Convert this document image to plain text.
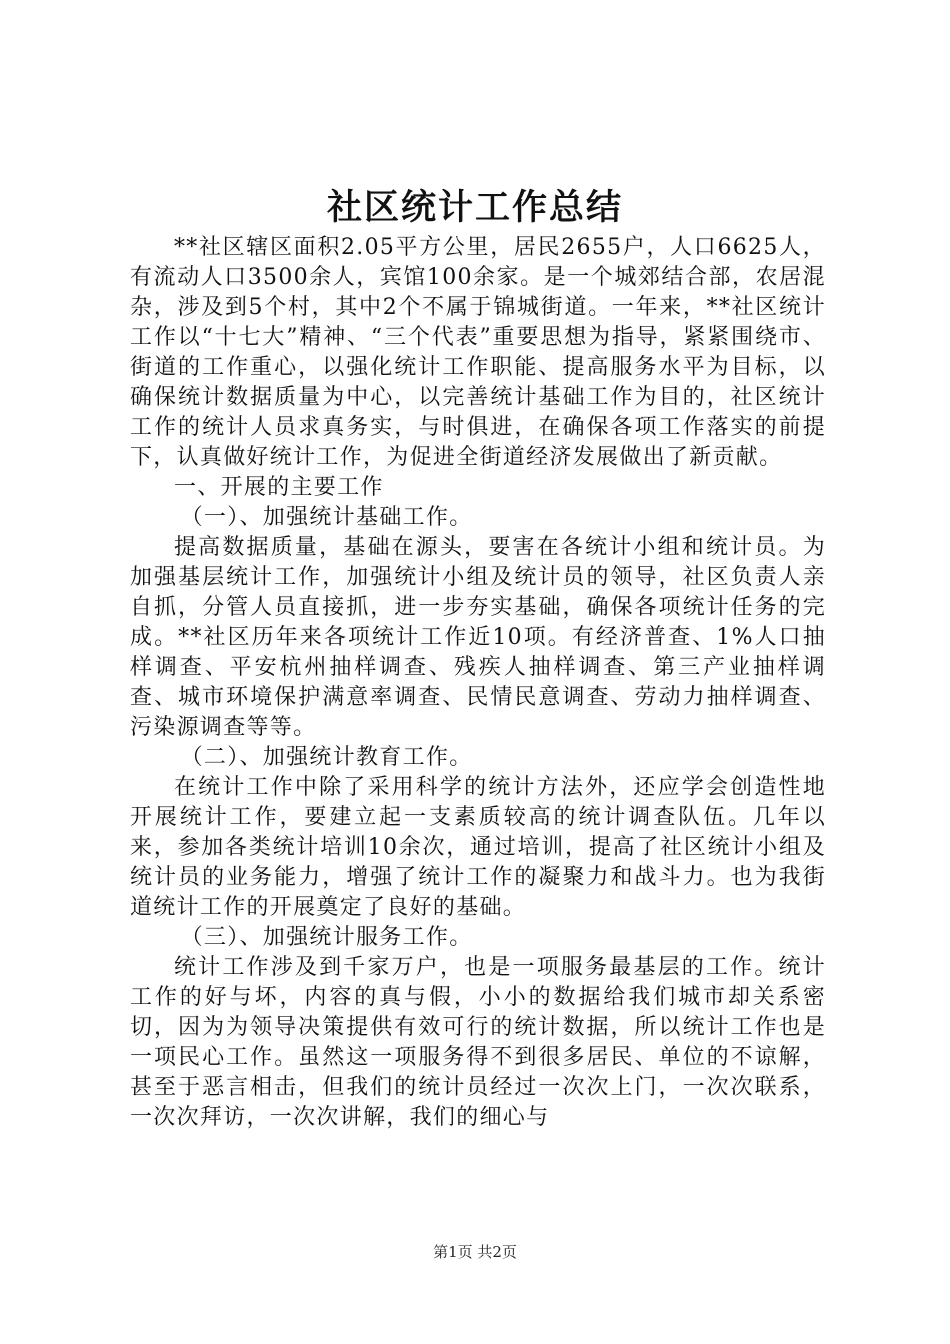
社区统计工作总结

**社区辖区面积2.05平方公里，居民2655户，人口6625人，有流动人口3500余人，宾馆100余家。是一个城郊结合部，农居混杂，涉及到5个村，其中2个不属于锦城街道。一年来，**社区统计工作以“十七大”精神、“三个代表”重要思想为指导，紧紧围绕市、街道的工作重心，以强化统计工作职能、提高服务水平为目标，以确保统计数据质量为中心，以完善统计基础工作为目的，社区统计工作的统计人员求真务实，与时俱进，在确保各项工作落实的前提下，认真做好统计工作，为促进全街道经济发展做出了新贡献。

一、开展的主要工作

（一）、加强统计基础工作。

提高数据质量，基础在源头，要害在各统计小组和统计员。为加强基层统计工作，加强统计小组及统计员的领导，社区负责人亲自抓，分管人员直接抓，进一步夯实基础，确保各项统计任务的完成。**社区历年来各项统计工作近10项。有经济普查、1%人口抽样调查、平安杭州抽样调查、残疾人抽样调查、第三产业抽样调查、城市环境保护满意率调查、民情民意调查、劳动力抽样调查、污染源调查等等。

（二）、加强统计教育工作。

在统计工作中除了采用科学的统计方法外，还应学会创造性地开展统计工作，要建立起一支素质较高的统计调查队伍。几年以来，参加各类统计培训10余次，通过培训，提高了社区统计小组及统计员的业务能力，增强了统计工作的凝聚力和战斗力。也为我街道统计工作的开展奠定了良好的基础。

（三）、加强统计服务工作。

统计工作涉及到千家万户，也是一项服务最基层的工作。统计工作的好与坏，内容的真与假，小小的数据给我们城市却关系密切，因为为领导决策提供有效可行的统计数据，所以统计工作也是一项民心工作。虽然这一项服务得不到很多居民、单位的不谅解，甚至于恶言相击，但我们的统计员经过一次次上门，一次次联系，一次次拜访，一次次讲解，我们的细心与

第1页 共2页
